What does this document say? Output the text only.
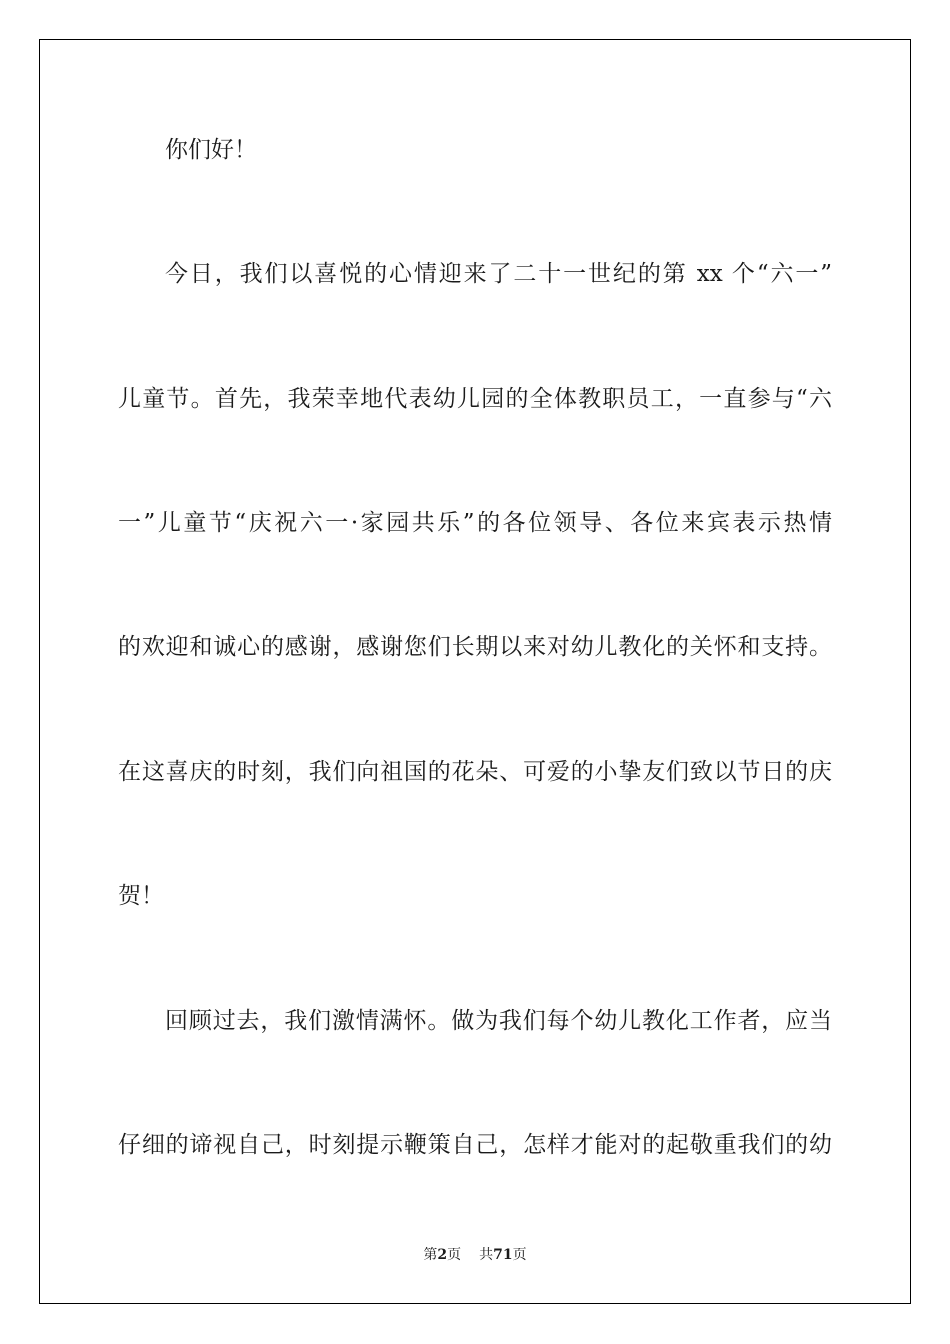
你们好！

今日，我们以喜悦的心情迎来了二十一世纪的第 xx 个“六一”

儿童节。首先，我荣幸地代表幼儿园的全体教职员工，一直参与“六

一”儿童节“庆祝六一·家园共乐”的各位领导、各位来宾表示热情

的欢迎和诚心的感谢，感谢您们长期以来对幼儿教化的关怀和支持。

在这喜庆的时刻，我们向祖国的花朵、可爱的小挚友们致以节日的庆

贺！

回顾过去，我们激情满怀。做为我们每个幼儿教化工作者，应当

仔细的谛视自己，时刻提示鞭策自己，怎样才能对的起敬重我们的幼

第2页 共71页
